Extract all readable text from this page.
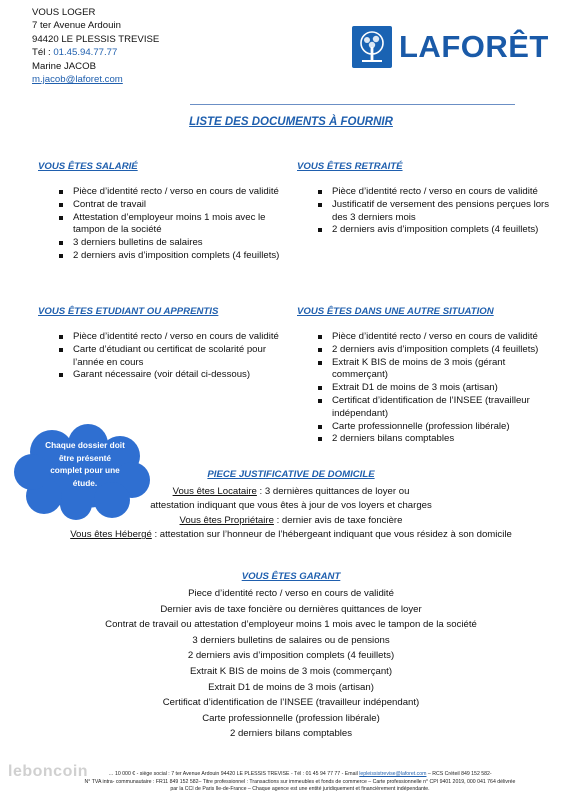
VOUS LOGER
7 ter Avenue Ardouin
94420 LE PLESSIS TREVISE
Tél : 01.45.94.77.77
Marine JACOB
m.jacob@laforet.com
LAFORÊT
LISTE DES DOCUMENTS À FOURNIR
VOUS ÊTES SALARIÉ
Pièce d’identité recto / verso en cours de validité
Contrat de travail
Attestation d’employeur moins 1 mois avec le tampon de la société
3 derniers bulletins de salaires
2 derniers avis d’imposition complets (4 feuillets)
VOUS ÊTES RETRAITÉ
Pièce d’identité recto / verso en cours de validité
Justificatif de versement des pensions perçues lors des 3 derniers mois
2 derniers avis d’imposition complets (4 feuillets)
VOUS ÊTES ETUDIANT OU APPRENTIS
Pièce d’identité recto / verso en cours de validité
Carte d’étudiant ou certificat de scolarité pour l’année en cours
Garant nécessaire (voir détail ci-dessous)
VOUS ÊTES DANS UNE AUTRE SITUATION
Pièce d’identité recto / verso en cours de validité
2 derniers avis d’imposition complets (4 feuillets)
Extrait K BIS de moins de 3 mois (gérant commerçant)
Extrait D1 de moins de 3 mois (artisan)
Certificat d’identification de l’INSEE (travailleur indépendant)
Carte professionnelle (profession libérale)
2 derniers bilans comptables
Chaque dossier doit être présenté complet pour une étude.
PIECE JUSTIFICATIVE DE DOMICILE
Vous êtes Locataire : 3 dernières quittances de loyer ou
attestation indiquant que vous êtes à jour de vos loyers et charges
Vous êtes Propriétaire : dernier avis de taxe foncière
Vous êtes Hébergé : attestation sur l’honneur de l’hébergeant indiquant que vous résidez à son domicile
VOUS ÊTES GARANT
Piece d’identité recto / verso en cours de validité
Dernier avis de taxe foncière ou dernières quittances de loyer
Contrat de travail ou attestation d’employeur moins 1 mois avec le tampon de la société
3 derniers bulletins de salaires ou de pensions
2 derniers avis d’imposition complets (4 feuillets)
Extrait K BIS de moins de 3 mois (commerçant)
Extrait D1 de moins de 3 mois (artisan)
Certificat d’identification de l’INSEE (travailleur indépendant)
Carte professionnelle (profession libérale)
2 derniers bilans comptables
… 10 000 € - siège social : 7 ter Avenue Ardouin 94420 LE PLESSIS TREVISE - Tél : 01 45 94 77 77 - Email lepleissistrevise@laforet.com – RCS Créteil 849 152 582-
N° TVA intra- communautaire : FR11 849 152 582– Titre professionnel : Transactions sur immeubles et fonds de commerce – Carte professionnelle n° CPI 9401 2019, 000 041 764 délivrée
par la CCI de Paris Ile-de-France – Chaque agence est une entité juridiquement et financièrement indépendante.
leboncoin
